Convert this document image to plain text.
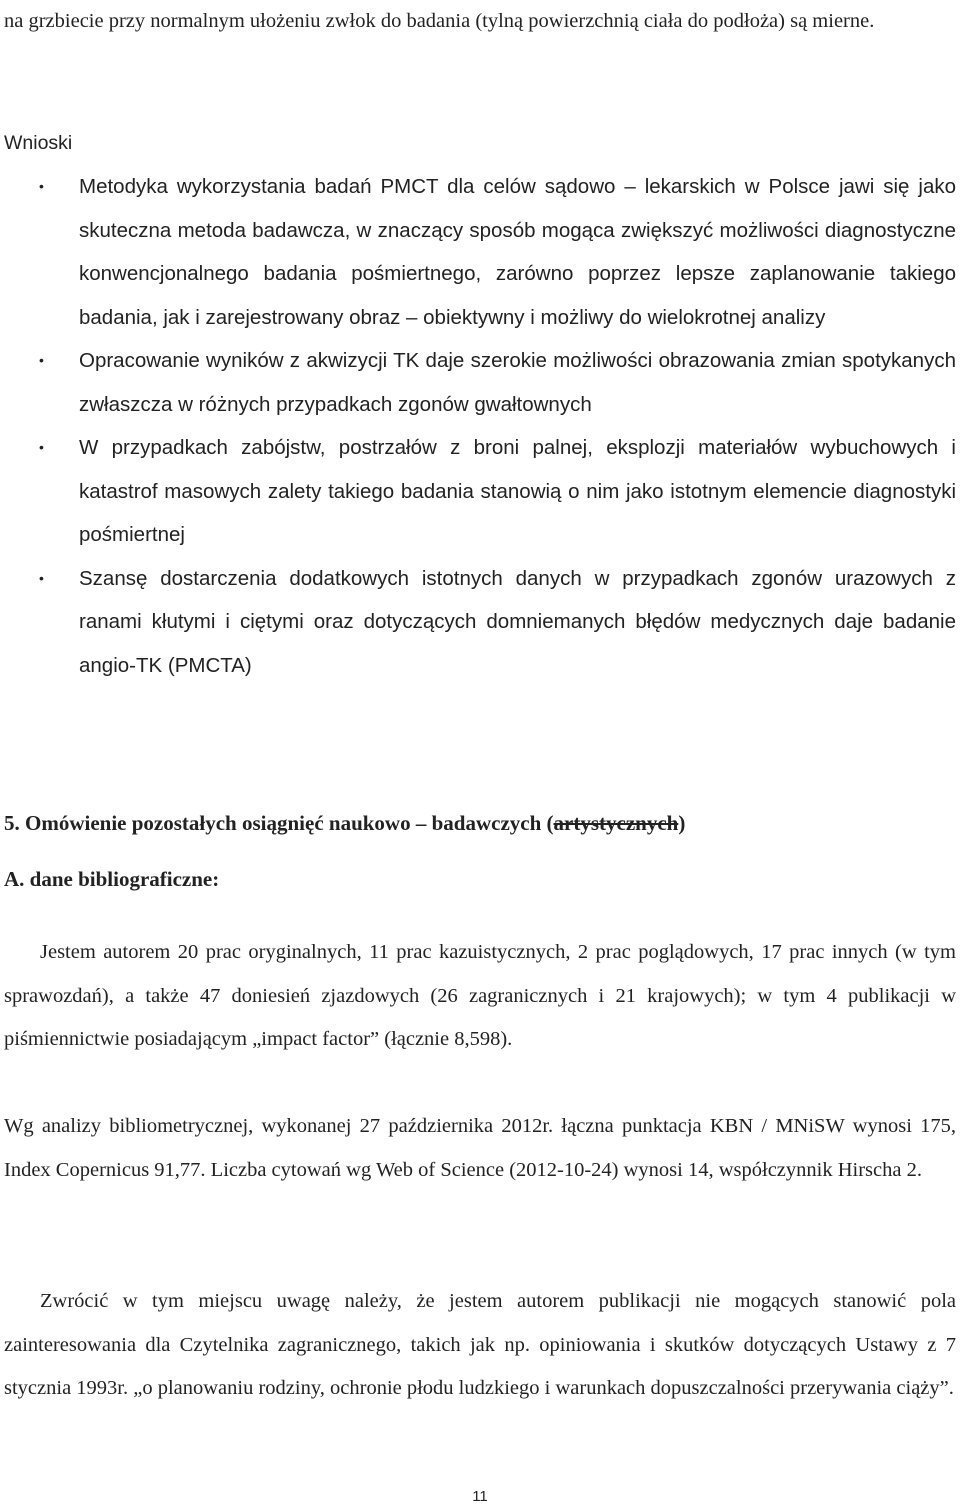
na grzbiecie przy normalnym ułożeniu zwłok do badania (tylną powierzchnią ciała do podłoża) są mierne.

Wnioski

• Metodyka wykorzystania badań PMCT dla celów sądowo – lekarskich w Polsce jawi się jako skuteczna metoda badawcza, w znaczący sposób mogąca zwiększyć możliwości diagnostyczne konwencjonalnego badania pośmiertnego, zarówno poprzez lepsze zaplanowanie takiego badania, jak i zarejestrowany obraz – obiektywny i możliwy do wielokrotnej analizy
• Opracowanie wyników z akwizycji TK daje szerokie możliwości obrazowania zmian spotykanych zwłaszcza w różnych przypadkach zgonów gwałtownych
• W przypadkach zabójstw, postrzałów z broni palnej, eksplozji materiałów wybuchowych i katastrof masowych zalety takiego badania stanowią o nim jako istotnym elemencie diagnostyki pośmiertnej
• Szansę dostarczenia dodatkowych istotnych danych w przypadkach zgonów urazowych z ranami kłutymi i ciętymi oraz dotyczących domniemanych błędów medycznych daje badanie angio-TK (PMCTA)
5. Omówienie pozostałych osiągnięć naukowo – badawczych (artystycznych)
A. dane bibliograficzne:

Jestem autorem 20 prac oryginalnych, 11 prac kazuistycznych, 2 prac poglądowych, 17 prac innych (w tym sprawozdań), a także 47 doniesień zjazdowych (26 zagranicznych i 21 krajowych); w tym 4 publikacji w piśmiennictwie posiadającym „impact factor” (łącznie 8,598).

Wg analizy bibliometrycznej, wykonanej 27 października 2012r. łączna punktacja KBN / MNiSW wynosi 175, Index Copernicus 91,77. Liczba cytowań wg Web of Science (2012-10-24) wynosi 14, współczynnik Hirscha 2.

Zwrócić w tym miejscu uwagę należy, że jestem autorem publikacji nie mogących stanowić pola zainteresowania dla Czytelnika zagranicznego, takich jak np. opiniowania i skutków dotyczących Ustawy z 7 stycznia 1993r. „o planowaniu rodziny, ochronie płodu ludzkiego i warunkach dopuszczalności przerywania ciąży”.

11
